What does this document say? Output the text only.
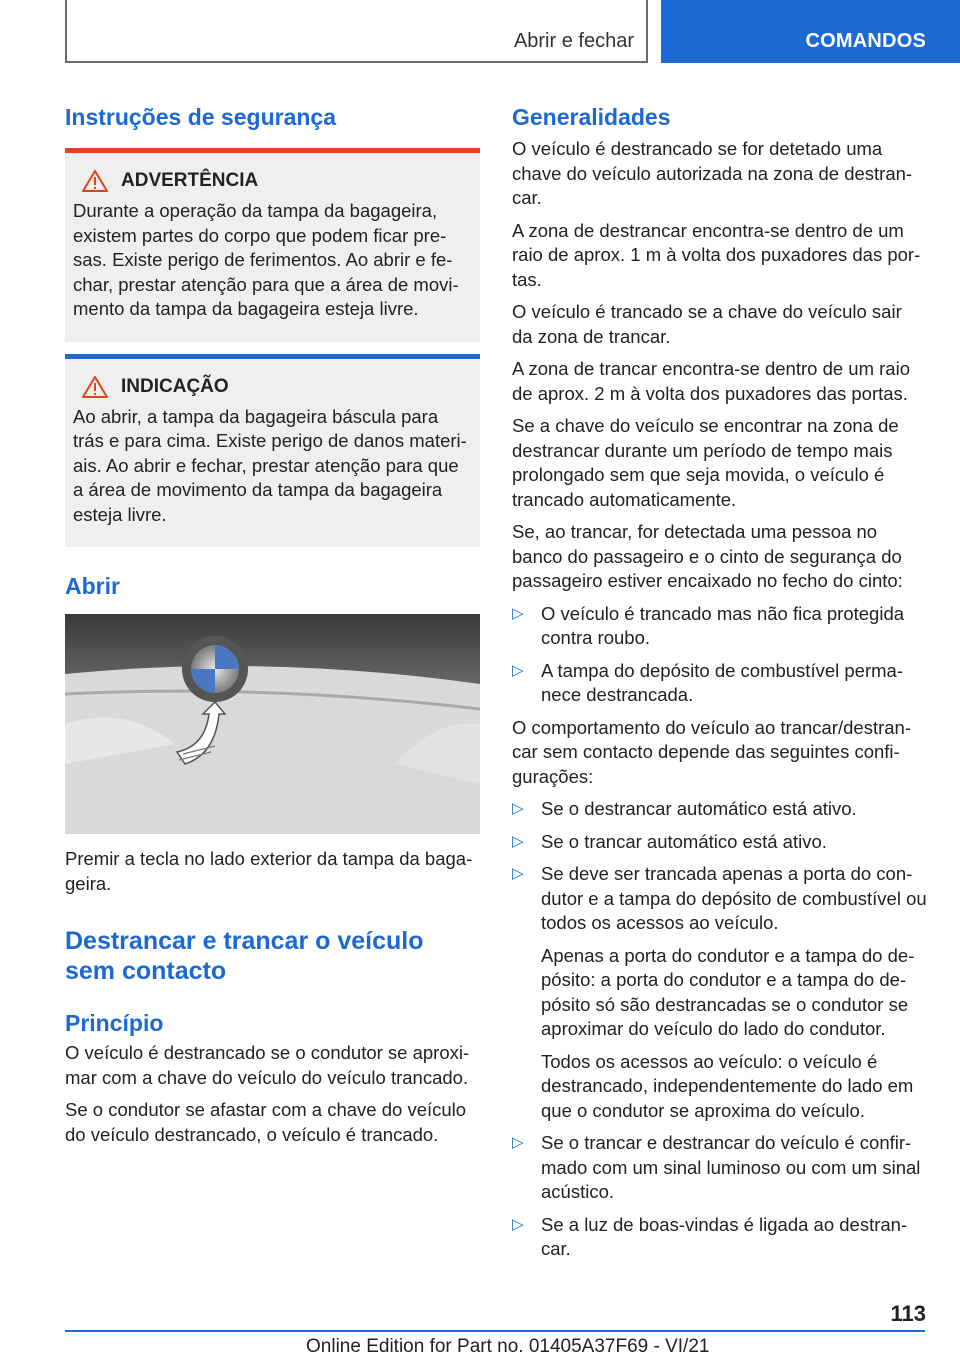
Abrir e fechar	COMANDOS
Instruções de segurança
ADVERTÊNCIA

Durante a operação da tampa da bagageira, existem partes do corpo que podem ficar presas. Existe perigo de ferimentos. Ao abrir e fechar, prestar atenção para que a área de movimento da tampa da bagageira esteja livre.

INDICAÇÃO

Ao abrir, a tampa da bagageira báscula para trás e para cima. Existe perigo de danos materiais. Ao abrir e fechar, prestar atenção para que a área de movimento da tampa da bagageira esteja livre.

Abrir

Premir a tecla no lado exterior da tampa da bagageira.

Destrancar e trancar o veículo sem contacto
Princípio

O veículo é destrancado se o condutor se aproximar com a chave do veículo do veículo trancado.

Se o condutor se afastar com a chave do veículo do veículo destrancado, o veículo é trancado.

Generalidades

O veículo é destrancado se for detetado uma chave do veículo autorizada na zona de destrancar.

A zona de destrancar encontra-se dentro de um raio de aprox. 1 m à volta dos puxadores das portas.

O veículo é trancado se a chave do veículo sair da zona de trancar.

A zona de trancar encontra-se dentro de um raio de aprox. 2 m à volta dos puxadores das portas.

Se a chave do veículo se encontrar na zona de destrancar durante um período de tempo mais prolongado sem que seja movida, o veículo é trancado automaticamente.

Se, ao trancar, for detectada uma pessoa no banco do passageiro e o cinto de segurança do passageiro estiver encaixado no fecho do cinto:

▷ O veículo é trancado mas não fica protegida contra roubo.

▷ A tampa do depósito de combustível permanece destrancada.

O comportamento do veículo ao trancar/destrancar sem contacto depende das seguintes configurações:

▷ Se o destrancar automático está ativo.

▷ Se o trancar automático está ativo.

▷ Se deve ser trancada apenas a porta do condutor e a tampa do depósito de combustível ou todos os acessos ao veículo.

Apenas a porta do condutor e a tampa do depósito: a porta do condutor e a tampa do depósito só são destrancadas se o condutor se aproximar do veículo do lado do condutor.

Todos os acessos ao veículo: o veículo é destrancado, independentemente do lado em que o condutor se aproxima do veículo.

▷ Se o trancar e destrancar do veículo é confirmado com um sinal luminoso ou com um sinal acústico.

▷ Se a luz de boas-vindas é ligada ao destrancar.

113
Online Edition for Part no. 01405A37F69 - VI/21
